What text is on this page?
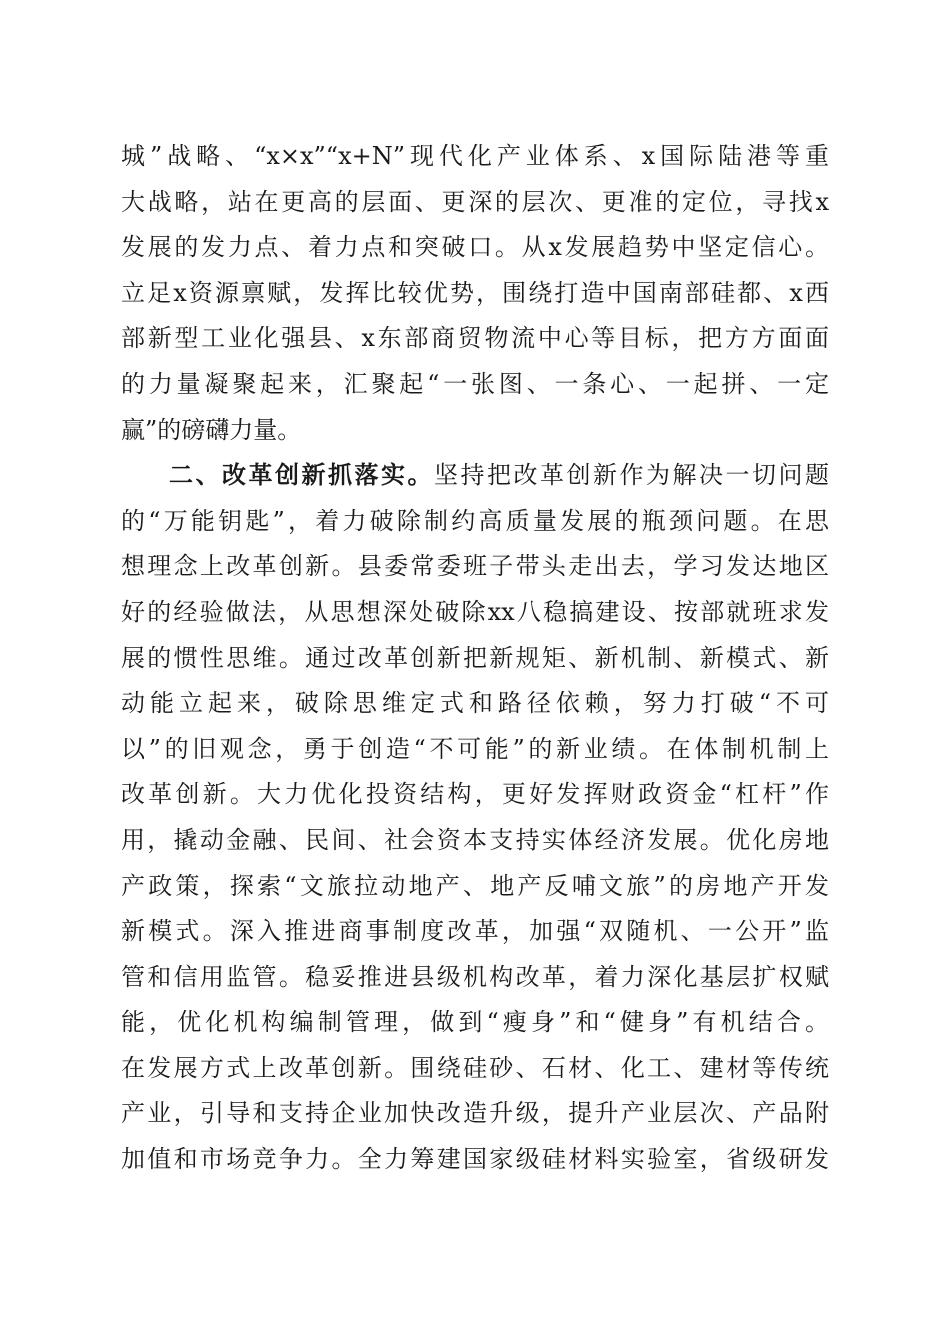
城”战略、“x×x”“x+N”现代化产业体系、x国际陆港等重
大战略，站在更高的层面、更深的层次、更准的定位，寻找x
发展的发力点、着力点和突破口。从x发展趋势中坚定信心。
立足x资源禀赋，发挥比较优势，围绕打造中国南部硅都、x西
部新型工业化强县、x东部商贸物流中心等目标，把方方面面
的力量凝聚起来，汇聚起“一张图、一条心、一起拼、一定
赢”的磅礴力量。
二、改革创新抓落实。坚持把改革创新作为解决一切问题
的“万能钥匙”，着力破除制约高质量发展的瓶颈问题。在思
想理念上改革创新。县委常委班子带头走出去，学习发达地区
好的经验做法，从思想深处破除xx八稳搞建设、按部就班求发
展的惯性思维。通过改革创新把新规矩、新机制、新模式、新
动能立起来，破除思维定式和路径依赖，努力打破“不可
以”的旧观念，勇于创造“不可能”的新业绩。在体制机制上
改革创新。大力优化投资结构，更好发挥财政资金“杠杆”作
用，撬动金融、民间、社会资本支持实体经济发展。优化房地
产政策，探索“文旅拉动地产、地产反哺文旅”的房地产开发
新模式。深入推进商事制度改革，加强“双随机、一公开”监
管和信用监管。稳妥推进县级机构改革，着力深化基层扩权赋
能，优化机构编制管理，做到“瘦身”和“健身”有机结合。
在发展方式上改革创新。围绕硅砂、石材、化工、建材等传统
产业，引导和支持企业加快改造升级，提升产业层次、产品附
加值和市场竞争力。全力筹建国家级硅材料实验室，省级研发
